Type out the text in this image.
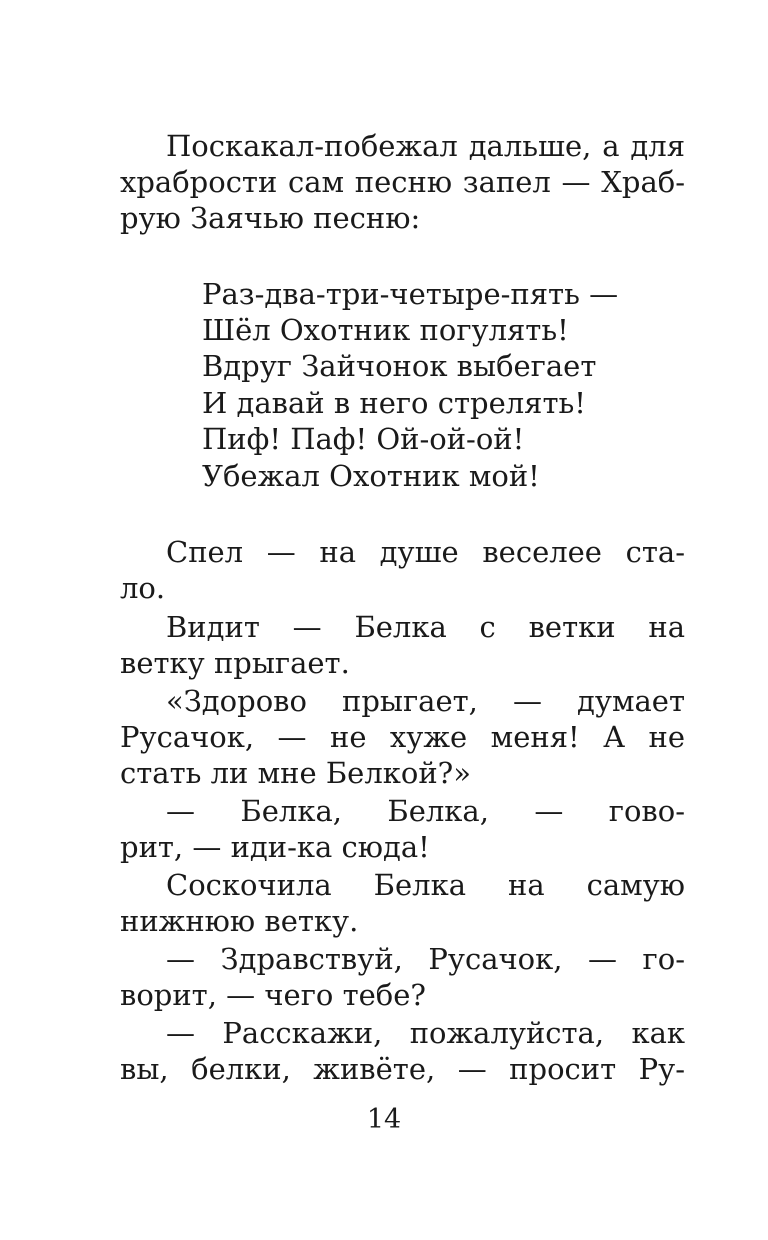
Поскакал-побежал дальше, а для
храбрости сам песню запел — Храб-
рую Заячью песню:
Раз-два-три-четыре-пять —
Шёл Охотник погулять!
Вдруг Зайчонок выбегает
И давай в него стрелять!
Пиф! Паф! Ой-ой-ой!
Убежал Охотник мой!
Спел — на душе веселее ста-
ло.
Видит — Белка с ветки на
ветку прыгает.
«Здорово прыгает, — думает
Русачок, — не хуже меня! А не
стать ли мне Белкой?»
— Белка, Белка, — гово-
рит, — иди-ка сюда!
Соскочила Белка на самую
нижнюю ветку.
— Здравствуй, Русачок, — го-
ворит, — чего тебе?
— Расскажи, пожалуйста, как
вы, белки, живёте, — просит Ру-
14
